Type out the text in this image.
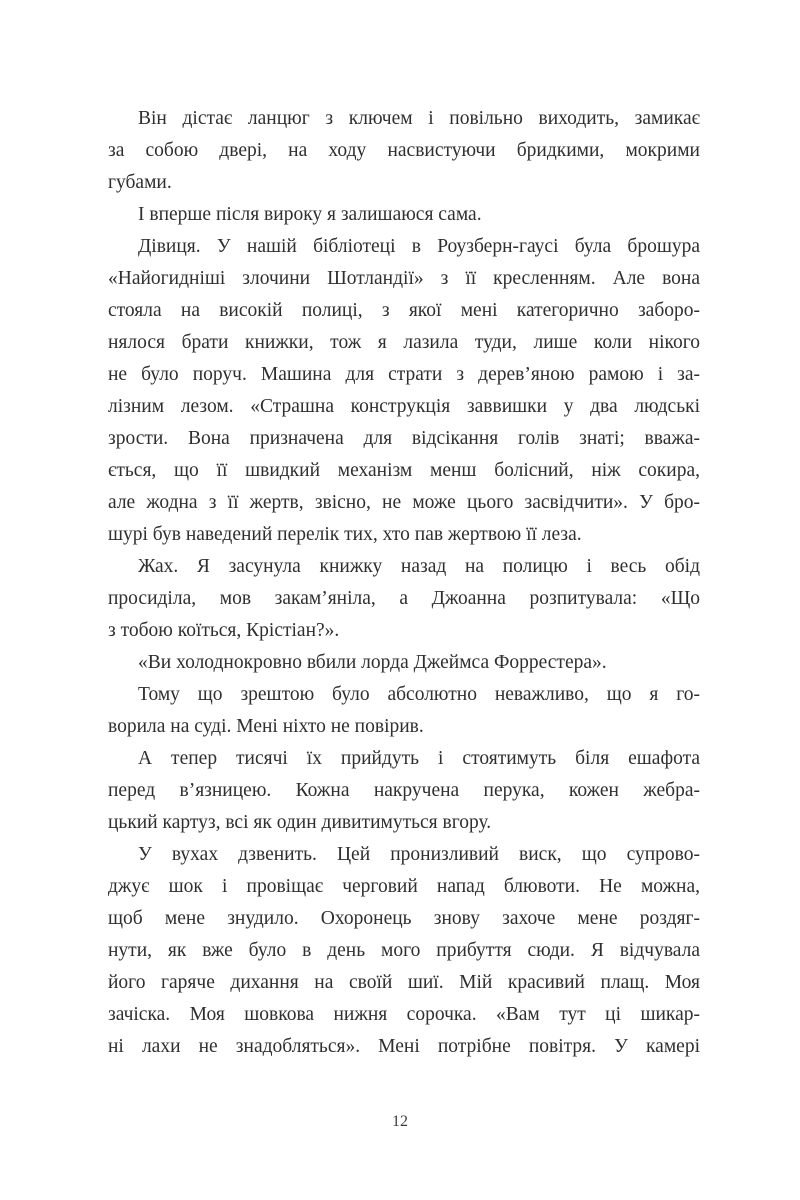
Він дістає ланцюг з ключем і повільно виходить, замикає
за собою двері, на ходу насвистуючи бридкими, мокрими
губами.
І вперше після вироку я залишаюся сама.
Дівиця. У нашій бібліотеці в Роузберн-гаусі була брошура
«Найогидніші злочини Шотландії» з її кресленням. Але вона
стояла на високій полиці, з якої мені категорично заборо-
нялося брати книжки, тож я лазила туди, лише коли нікого
не було поруч. Машина для страти з дерев’яною рамою і за-
лізним лезом. «Страшна конструкція заввишки у два людські
зрости. Вона призначена для відсікання голів знаті; вважа-
ється, що її швидкий механізм менш болісний, ніж сокира,
але жодна з її жертв, звісно, не може цього засвідчити». У бро-
шурі був наведений перелік тих, хто пав жертвою її леза.
Жах. Я засунула книжку назад на полицю і весь обід
просиділа, мов закам’яніла, а Джоанна розпитувала: «Що
з тобою коїться, Крістіан?».
«Ви холоднокровно вбили лорда Джеймса Форрестера».
Тому що зрештою було абсолютно неважливо, що я го-
ворила на суді. Мені ніхто не повірив.
А тепер тисячі їх прийдуть і стоятимуть біля ешафота
перед в’язницею. Кожна накручена перука, кожен жебра-
цький картуз, всі як один дивитимуться вгору.
У вухах дзвенить. Цей пронизливий виск, що супрово-
джує шок і провіщає черговий напад блювоти. Не можна,
щоб мене знудило. Охоронець знову захоче мене роздяг-
нути, як вже було в день мого прибуття сюди. Я відчувала
його гаряче дихання на своїй шиї. Мій красивий плащ. Моя
зачіска. Моя шовкова нижня сорочка. «Вам тут ці шикар-
ні лахи не знадобляться». Мені потрібне повітря. У камері
12
